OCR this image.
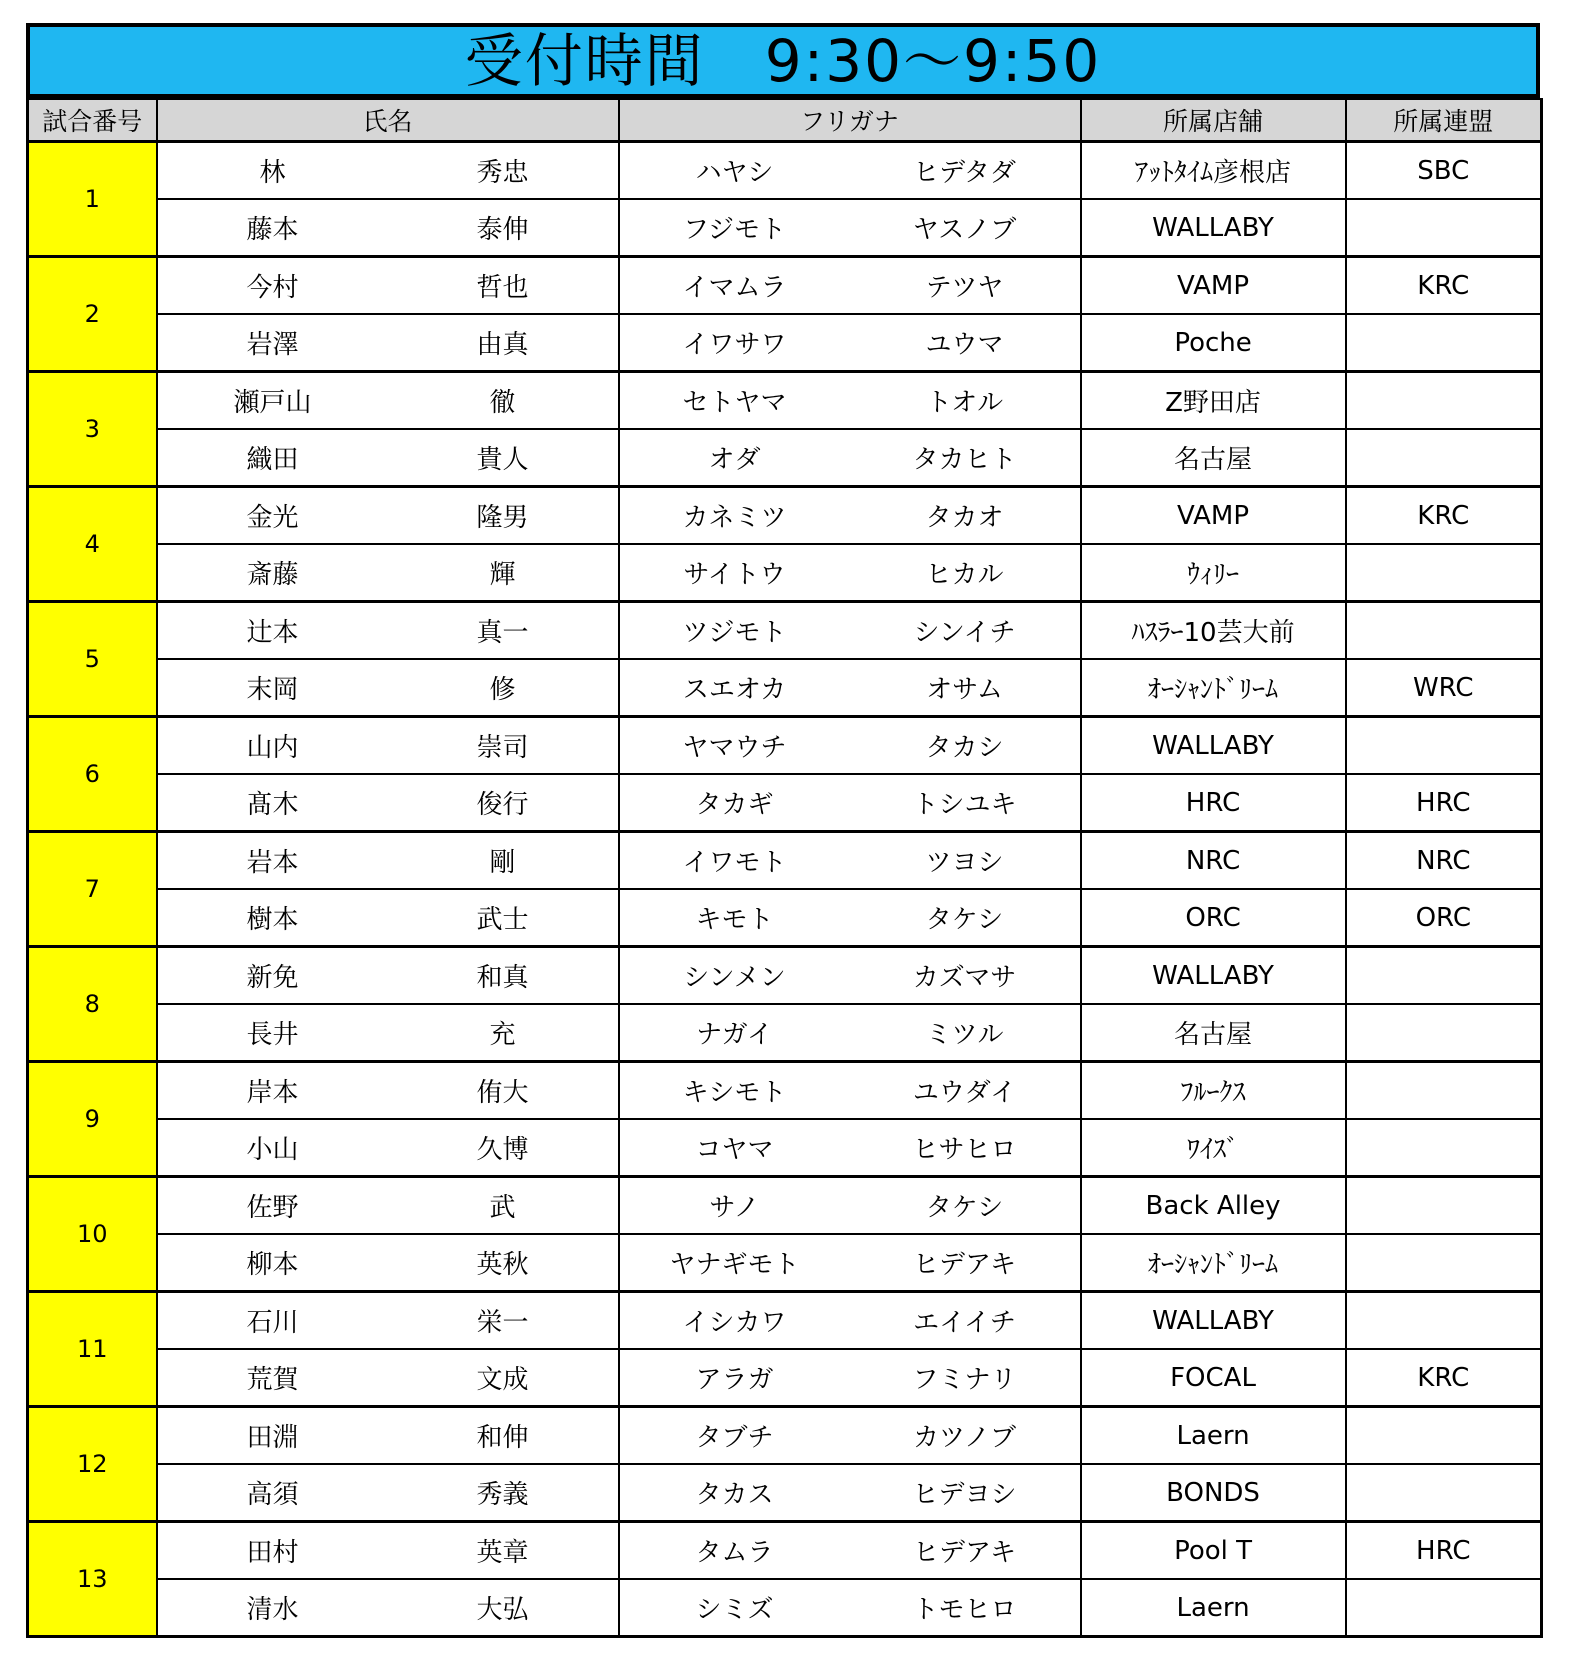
受付時間　9:30～9:50
試合番号	氏名		フリガナ		所属店舗	所属連盟
1	林	秀忠	ハヤシ	ヒデタダ	ｱｯﾄﾀｲﾑ彦根店	SBC
	藤本	泰伸	フジモト	ヤスノブ	WALLABY	
2	今村	哲也	イマムラ	テツヤ	VAMP	KRC
	岩澤	由真	イワサワ	ユウマ	Poche	
3	瀬戸山	徹	セトヤマ	トオル	Z野田店	
	織田	貴人	オダ	タカヒト	名古屋	
4	金光	隆男	カネミツ	タカオ	VAMP	KRC
	斎藤	輝	サイトウ	ヒカル	ｳｨﾘｰ	
5	辻本	真一	ツジモト	シンイチ	ﾊｽﾗｰ10芸大前	
	末岡	修	スエオカ	オサム	ｵｰｼｬﾝﾄﾞﾘｰﾑ	WRC
6	山内	崇司	ヤマウチ	タカシ	WALLABY	
	髙木	俊行	タカギ	トシユキ	HRC	HRC
7	岩本	剛	イワモト	ツヨシ	NRC	NRC
	樹本	武士	キモト	タケシ	ORC	ORC
8	新免	和真	シンメン	カズマサ	WALLABY	
	長井	充	ナガイ	ミツル	名古屋	
9	岸本	侑大	キシモト	ユウダイ	ﾌﾙｰｸｽ	
	小山	久博	コヤマ	ヒサヒロ	ﾜｲｽﾞ	
10	佐野	武	サノ	タケシ	Back Alley	
	柳本	英秋	ヤナギモト	ヒデアキ	ｵｰｼｬﾝﾄﾞﾘｰﾑ	
11	石川	栄一	イシカワ	エイイチ	WALLABY	
	荒賀	文成	アラガ	フミナリ	FOCAL	KRC
12	田淵	和伸	タブチ	カツノブ	Laern	
	高須	秀義	タカス	ヒデヨシ	BONDS	
13	田村	英章	タムラ	ヒデアキ	Pool T	HRC
	清水	大弘	シミズ	トモヒロ	Laern	
